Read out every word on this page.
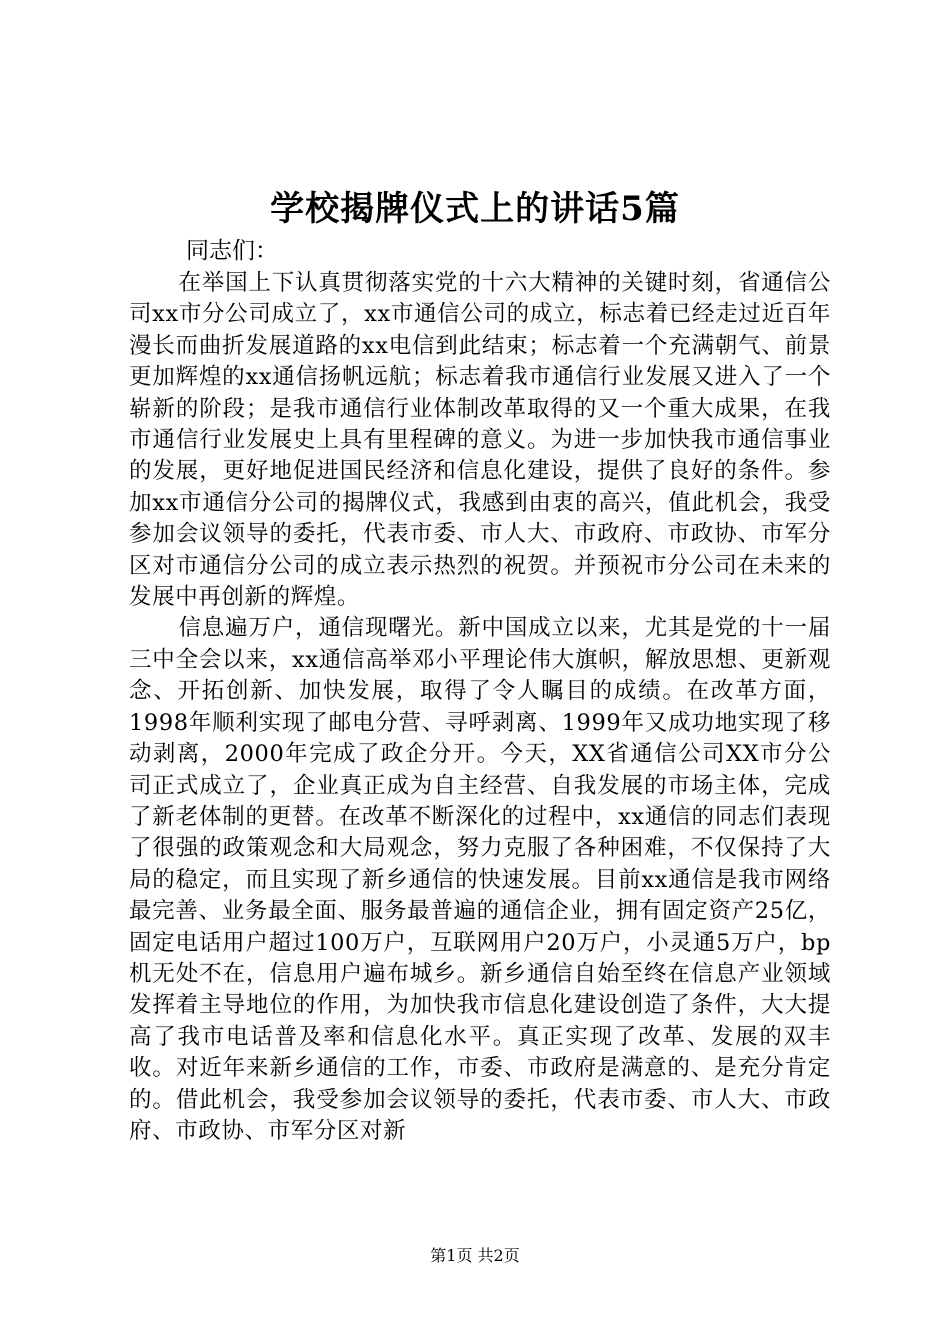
学校揭牌仪式上的讲话5篇

同志们：

在举国上下认真贯彻落实党的十六大精神的关键时刻，省通信公司xx市分公司成立了，xx市通信公司的成立，标志着已经走过近百年漫长而曲折发展道路的xx电信到此结束；标志着一个充满朝气、前景更加辉煌的xx通信扬帆远航；标志着我市通信行业发展又进入了一个崭新的阶段；是我市通信行业体制改革取得的又一个重大成果，在我市通信行业发展史上具有里程碑的意义。为进一步加快我市通信事业的发展，更好地促进国民经济和信息化建设，提供了良好的条件。参加xx市通信分公司的揭牌仪式，我感到由衷的高兴，值此机会，我受参加会议领导的委托，代表市委、市人大、市政府、市政协、市军分区对市通信分公司的成立表示热烈的祝贺。并预祝市分公司在未来的发展中再创新的辉煌。

信息遍万户，通信现曙光。新中国成立以来，尤其是党的十一届三中全会以来，xx通信高举邓小平理论伟大旗帜，解放思想、更新观念、开拓创新、加快发展，取得了令人瞩目的成绩。在改革方面，1998年顺利实现了邮电分营、寻呼剥离、1999年又成功地实现了移动剥离，2000年完成了政企分开。今天，XX省通信公司XX市分公司正式成立了，企业真正成为自主经营、自我发展的市场主体，完成了新老体制的更替。在改革不断深化的过程中，xx通信的同志们表现了很强的政策观念和大局观念，努力克服了各种困难，不仅保持了大局的稳定，而且实现了新乡通信的快速发展。目前xx通信是我市网络最完善、业务最全面、服务最普遍的通信企业，拥有固定资产25亿，固定电话用户超过100万户，互联网用户20万户，小灵通5万户，bp机无处不在，信息用户遍布城乡。新乡通信自始至终在信息产业领域发挥着主导地位的作用，为加快我市信息化建设创造了条件，大大提高了我市电话普及率和信息化水平。真正实现了改革、发展的双丰收。对近年来新乡通信的工作，市委、市政府是满意的、是充分肯定的。借此机会，我受参加会议领导的委托，代表市委、市人大、市政府、市政协、市军分区对新

第1页 共2页
